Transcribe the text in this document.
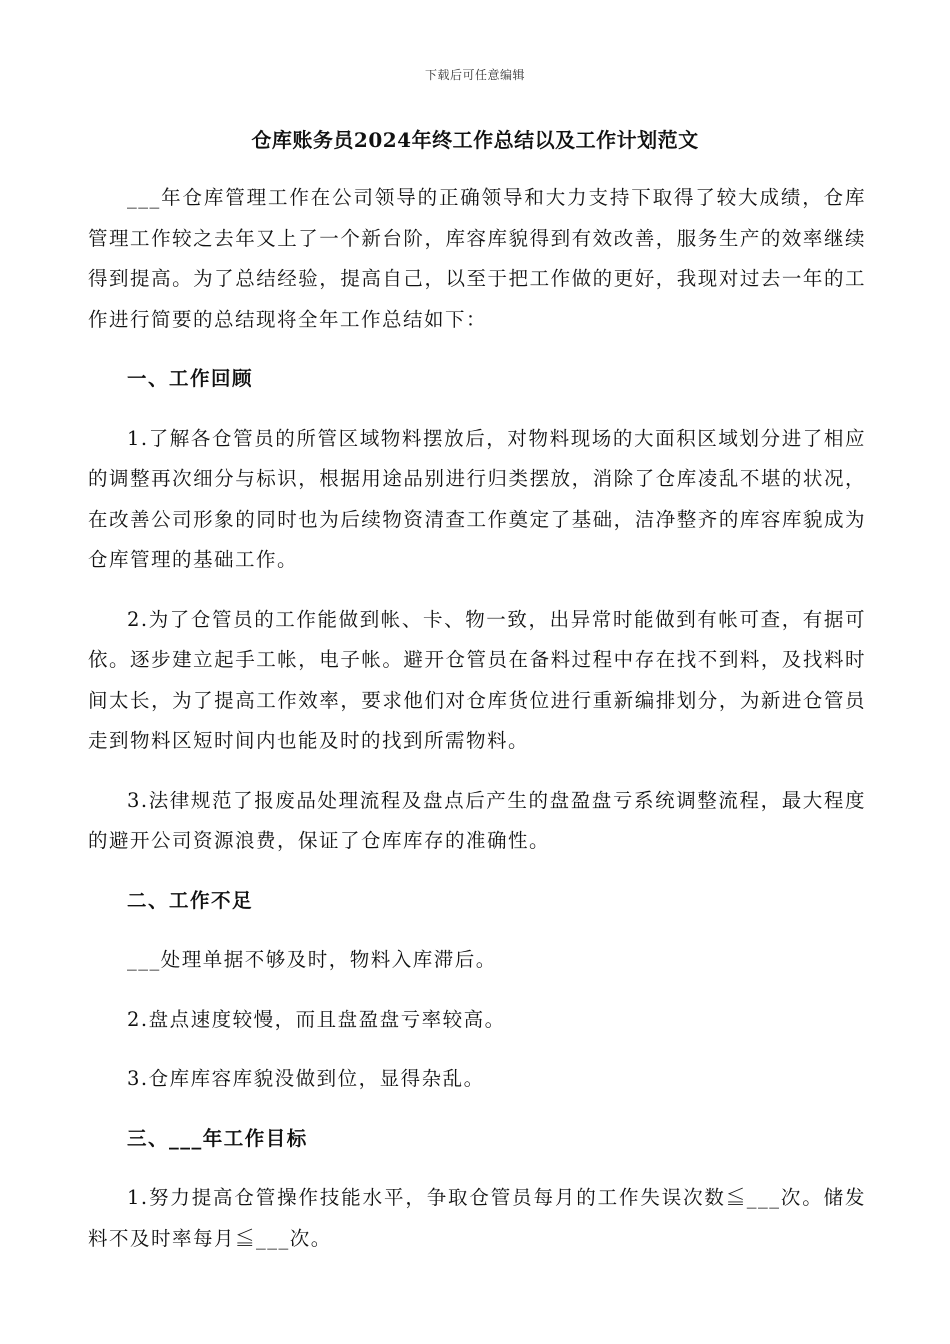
下载后可任意编辑
仓库账务员2024年终工作总结以及工作计划范文

___年仓库管理工作在公司领导的正确领导和大力支持下取得了较大成绩，仓库管理工作较之去年又上了一个新台阶，库容库貌得到有效改善，服务生产的效率继续得到提高。为了总结经验，提高自己，以至于把工作做的更好，我现对过去一年的工作进行简要的总结现将全年工作总结如下：

一、工作回顾

1.了解各仓管员的所管区域物料摆放后，对物料现场的大面积区域划分进了相应的调整再次细分与标识，根据用途品别进行归类摆放，消除了仓库凌乱不堪的状况，在改善公司形象的同时也为后续物资清查工作奠定了基础，洁净整齐的库容库貌成为仓库管理的基础工作。

2.为了仓管员的工作能做到帐、卡、物一致，出异常时能做到有帐可查，有据可依。逐步建立起手工帐，电子帐。避开仓管员在备料过程中存在找不到料，及找料时间太长，为了提高工作效率，要求他们对仓库货位进行重新编排划分，为新进仓管员走到物料区短时间内也能及时的找到所需物料。

3.法律规范了报废品处理流程及盘点后产生的盘盈盘亏系统调整流程，最大程度的避开公司资源浪费，保证了仓库库存的准确性。

二、工作不足

___处理单据不够及时，物料入库滞后。

2.盘点速度较慢，而且盘盈盘亏率较高。

3.仓库库容库貌没做到位，显得杂乱。

三、___年工作目标

1.努力提高仓管操作技能水平，争取仓管员每月的工作失误次数≦___次。储发料不及时率每月≦___次。
